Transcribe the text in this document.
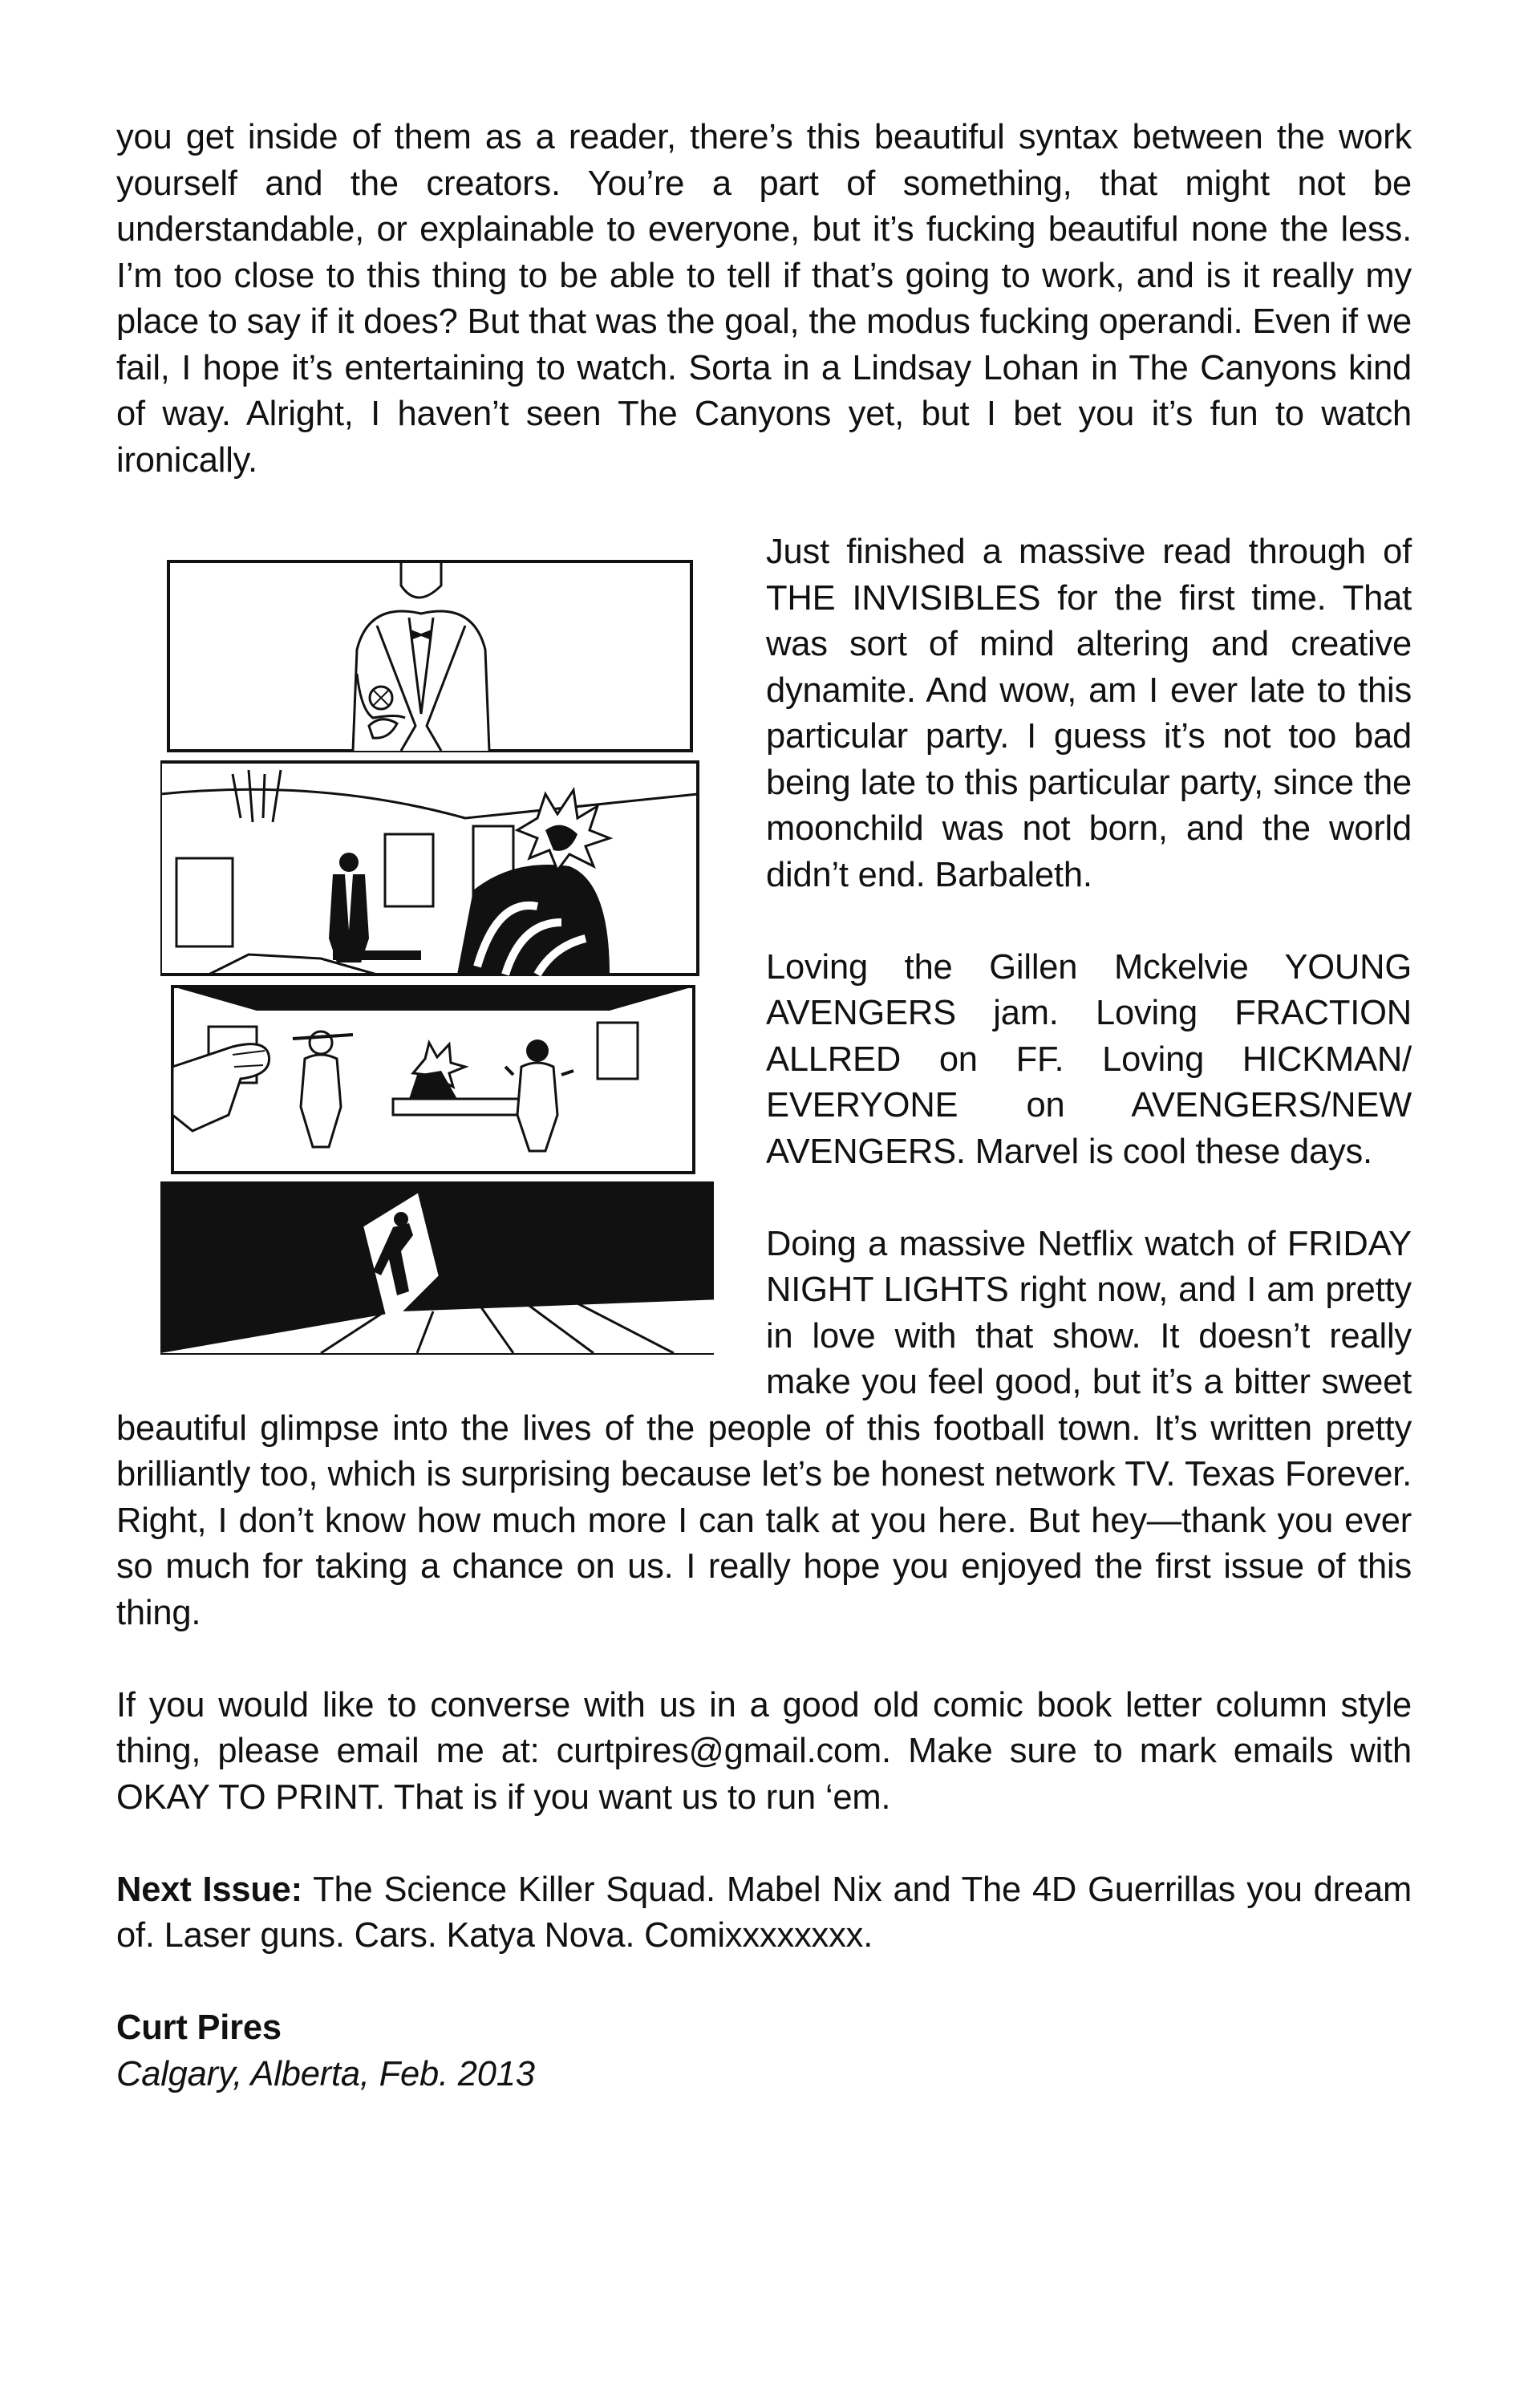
you get inside of them as a reader, there’s this beautiful syntax between the work yourself and the creators. You’re a part of something, that might not be understandable, or explainable to everyone, but it’s fucking beautiful none the less. I’m too close to this thing to be able to tell if that’s going to work, and is it really my place to say if it does? But that was the goal, the modus fucking operandi. Even if we fail, I hope it’s entertaining to watch. Sorta in a Lindsay Lohan in The Canyons kind of way. Alright, I haven’t seen The Canyons yet, but I bet you it’s fun to watch ironically.

Just finished a massive read through of THE INVISIBLES for the first time. That was sort of mind altering and creative dynamite. And wow, am I ever late to this particular party. I guess it’s not too bad being late to this particular party, since the moonchild was not born, and the world didn’t end. Barbaleth.

Loving the Gillen Mckelvie YOUNG AVENGERS jam. Loving FRACTION ALLRED on FF. Loving HICKMAN/ EVERYONE on AVENGERS/NEW AVENGERS. Marvel is cool these days.

Doing a massive Netflix watch of FRIDAY NIGHT LIGHTS right now, and I am pretty in love with that show. It doesn’t really make you feel good, but it’s a bitter sweet beautiful glimpse into the lives of the people of this football town. It’s written pretty brilliantly too, which is surprising because let’s be honest network TV. Texas Forever. Right, I don’t know how much more I can talk at you here. But hey—thank you ever so much for taking a chance on us. I really hope you enjoyed the first issue of this thing.

If you would like to converse with us in a good old comic book letter column style thing, please email me at: curtpires@gmail.com. Make sure to mark emails with OKAY TO PRINT. That is if you want us to run ‘em.

Next Issue: The Science Killer Squad. Mabel Nix and The 4D Guerrillas you dream of. Laser guns. Cars. Katya Nova. Comixxxxxxxx.

Curt Pires

Calgary, Alberta, Feb. 2013
